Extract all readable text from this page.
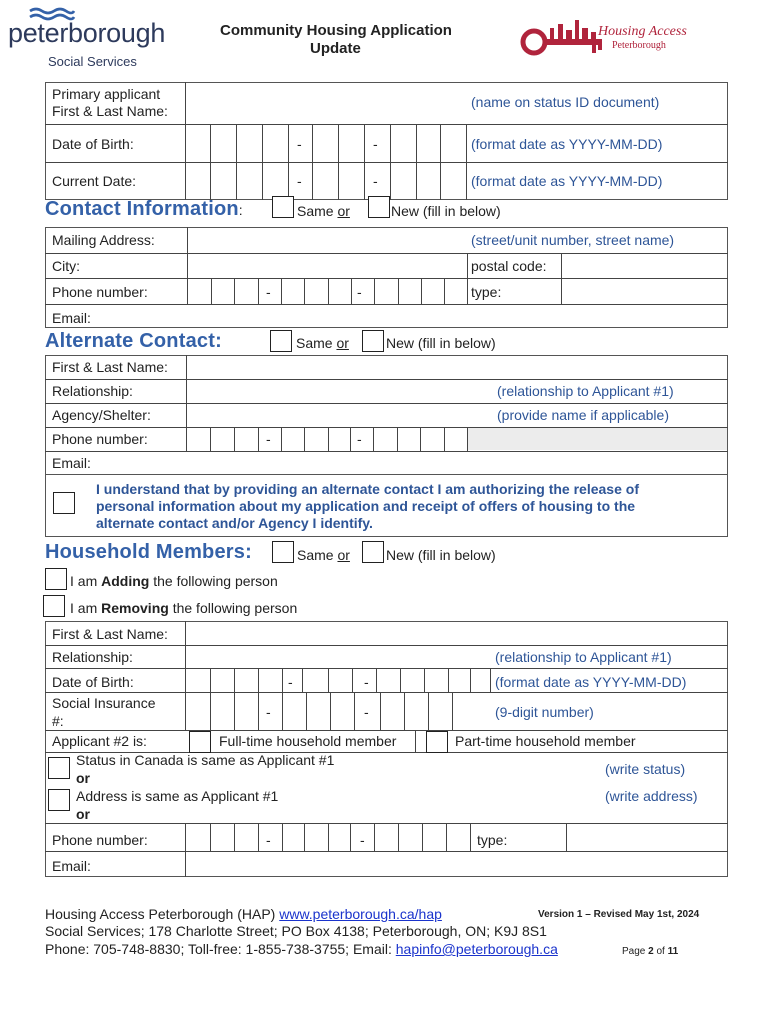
peterborough
Social Services
Community Housing Application
Update
Housing Access
Peterborough
Primary applicant
First & Last Name:
(name on status ID document)
Date of Birth:	-	-	(format date as YYYY-MM-DD)
Current Date:	-	-	(format date as YYYY-MM-DD)
Contact Information:	Same or	New (fill in below)
Mailing Address:	(street/unit number, street name)
City:	postal code:
Phone number:	-	-	type:
Email:
Alternate Contact:	Same or	New (fill in below)
First & Last Name:
Relationship:	(relationship to Applicant #1)
Agency/Shelter:	(provide name if applicable)
Phone number:	-	-
Email:
I understand that by providing an alternate contact I am authorizing the release of
personal information about my application and receipt of offers of housing to the
alternate contact and/or Agency I identify.
Household Members:	Same or	New (fill in below)
I am Adding the following person
I am Removing the following person
First & Last Name:
Relationship:	(relationship to Applicant #1)
Date of Birth:	-	-	(format date as YYYY-MM-DD)
Social Insurance
#:
-	-	(9-digit number)
Applicant #2 is:	Full-time household member	Part-time household member
Status in Canada is same as Applicant #1
or
(write status)
Address is same as Applicant #1
or
(write address)
Phone number:	-	-	type:
Email:
Housing Access Peterborough (HAP) www.peterborough.ca/hap	Version 1 – Revised May 1st, 2024
Social Services; 178 Charlotte Street; PO Box 4138; Peterborough, ON; K9J 8S1
Phone: 705-748-8830; Toll-free: 1-855-738-3755; Email: hapinfo@peterborough.ca	Page 2 of 11
